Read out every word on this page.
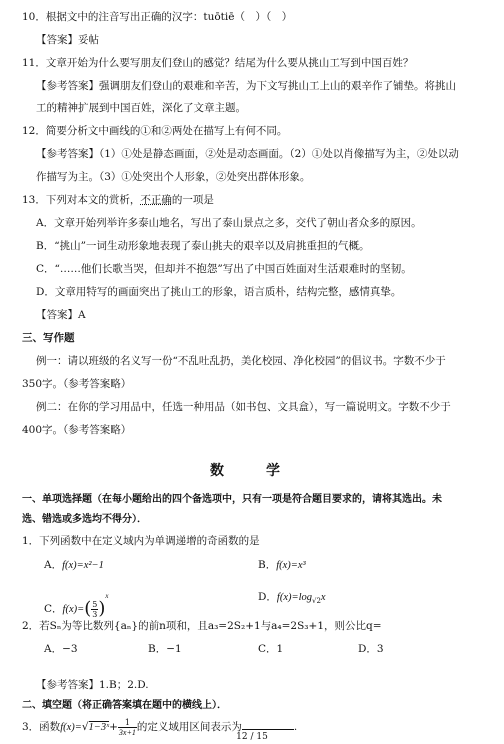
10．根据文中的注音写出正确的汉字：tuōtiē（　）（　）
【答案】妥帖
11．文章开始为什么要写朋友们登山的感觉？结尾为什么要从挑山工写到中国百姓？
【参考答案】强调朋友们登山的艰难和辛苦，为下文写挑山工上山的艰辛作了铺垫。将挑山
工的精神扩展到中国百姓，深化了文章主题。
12．简要分析文中画线的①和②两处在描写上有何不同。
【参考答案】（1）①处是静态画面，②处是动态画面。（2）①处以肖像描写为主，②处以动
作描写为主。（3）①处突出个人形象，②处突出群体形象。
13．下列对本文的赏析，不正确的一项是
A．文章开始列举许多泰山地名，写出了泰山景点之多，交代了朝山者众多的原因。
B．“挑山”一词生动形象地表现了泰山挑夫的艰辛以及肩挑重担的气概。
C．“……他们长歌当哭，但却并不抱怨”写出了中国百姓面对生活艰难时的坚韧。
D．文章用特写的画面突出了挑山工的形象，语言质朴，结构完整，感情真挚。
【答案】A
三、写作题
例一：请以班级的名义写一份“不乱吐乱扔，美化校园、净化校园”的倡议书。字数不少于
350字。（参考答案略）
例二：在你的学习用品中，任选一种用品（如书包、文具盒），写一篇说明文。字数不少于
400字。（参考答案略）
数　学
一、单项选择题（在每小题给出的四个备选项中，只有一项是符合题目要求的，请将其选出。未
选、错选或多选均不得分）．
1．下列函数中在定义域内为单调递增的奇函数的是
A．f(x)=x²−1	B．f(x)=x³
C．$f(x)=( \frac{5}{3} )^x$	D．$f(x)=\log_{√2}x$
2．若Sₙ为等比数列{aₙ}的前n项和，且a₃=2S₂+1与a₄=2S₃+1，则公比q=
A．−3	B．−1	C．1	D．3
【参考答案】1.B；2.D.
二、填空题（将正确答案填在题中的横线上）．
3．函数f(x)=√1−3ˣ+ $\frac{1}{3x+1}$ 的定义域用区间表示为	.
12 / 15
